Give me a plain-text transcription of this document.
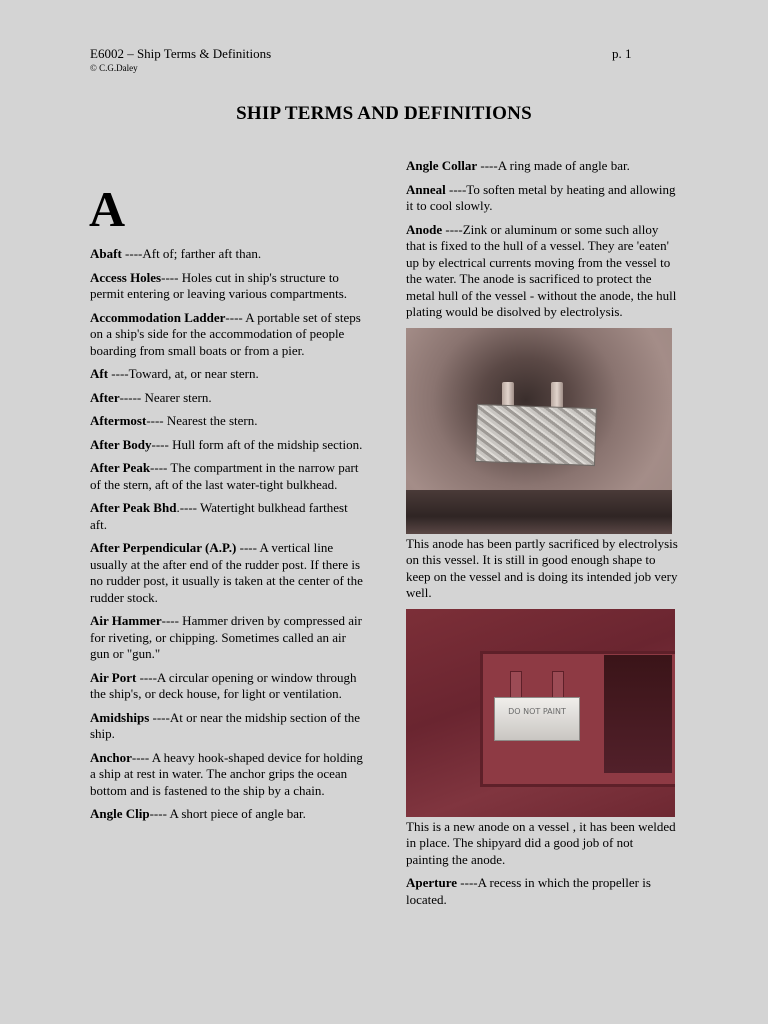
E6002 – Ship Terms & Definitions
© C.G.Daley
p. 1
SHIP TERMS AND DEFINITIONS
A

Abaft ----Aft of; farther aft than.

Access Holes---- Holes cut in ship's structure to permit entering or leaving various compartments.

Accommodation Ladder---- A portable set of steps on a ship's side for the accommodation of people boarding from small boats or from a pier.

Aft ----Toward, at, or near stern.

After----- Nearer stern.

Aftermost---- Nearest the stern.

After Body---- Hull form aft of the midship section.

After Peak---- The compartment in the narrow part of the stern, aft of the last water-tight bulkhead.

After Peak Bhd.---- Watertight bulkhead farthest aft.

After Perpendicular (A.P.) ---- A vertical line usually at the after end of the rudder post. If there is no rudder post, it usually is taken at the center of the rudder stock.

Air Hammer---- Hammer driven by compressed air for riveting, or chipping. Sometimes called an air gun or "gun."

Air Port ----A circular opening or window through the ship's, or deck house, for light or ventilation.

Amidships ----At or near the midship section of the ship.

Anchor---- A heavy hook-shaped device for holding a ship at rest in water. The anchor grips the ocean bottom and is fastened to the ship by a chain.

Angle Clip---- A short piece of angle bar.

Angle Collar ----A ring made of angle bar.

Anneal ----To soften metal by heating and allowing it to cool slowly.

Anode ----Zink or aluminum or some such alloy that is fixed to the hull of a vessel. They are 'eaten' up by electrical currents moving from the vessel to the water. The anode is sacrificed to protect the metal hull of the vessel - without the anode, the hull plating would be disolved by electrolysis.

This anode has been partly sacrificed by electrolysis on this vessel. It is still in good enough shape to keep on the vessel and is doing its intended job very well.

DO NOT PAINT

This is a new anode on a vessel , it has been welded in place. The shipyard did a good job of not painting the anode.

Aperture ----A recess in which the propeller is located.
